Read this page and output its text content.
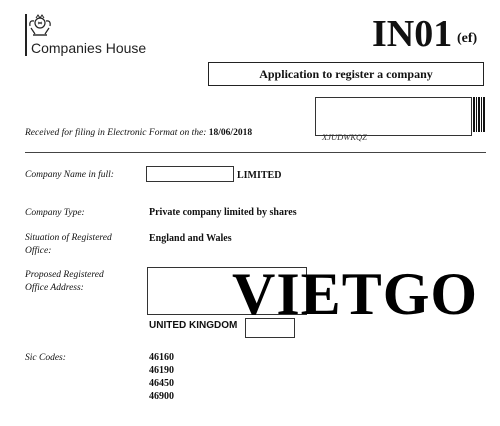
Companies House	IN01 (ef)
Application to register a company
XJUDWKQZ
Received for filing in Electronic Format on the: 18/06/2018
Company Name in full:	LIMITED
Company Type:	Private company limited by shares
Situation of Registered Office:
England and Wales
Proposed Registered Office Address:
UNITED KINGDOM
VIETGO
Sic Codes:	46160
46190
46450
46900
